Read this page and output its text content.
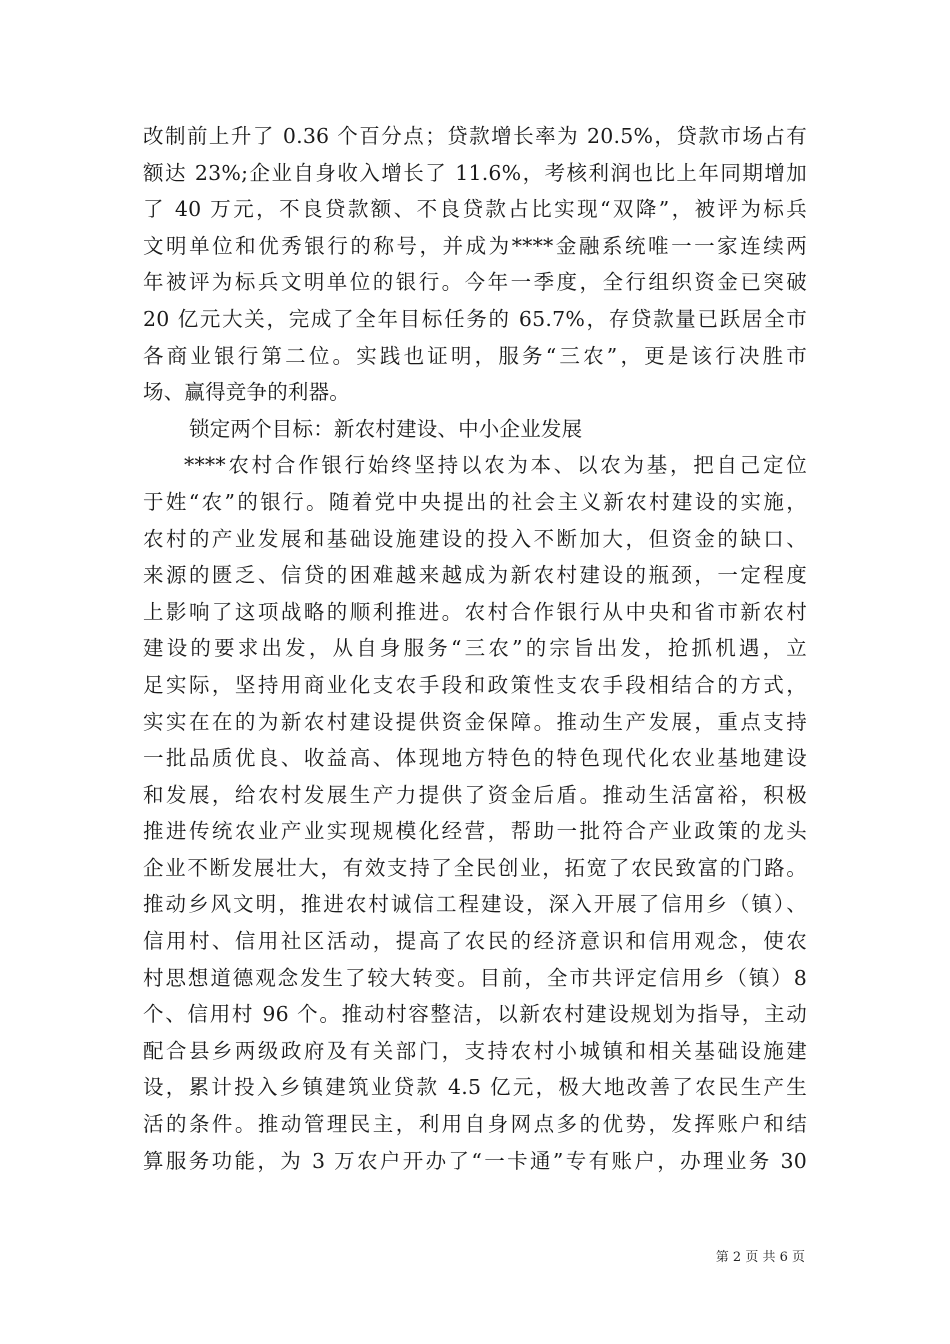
改制前上升了 0.36 个百分点；贷款增长率为 20.5%，贷款市场占有
额达 23%;企业自身收入增长了 11.6%，考核利润也比上年同期增加
了 40 万元，不良贷款额、不良贷款占比实现“双降”，被评为标兵
文明单位和优秀银行的称号，并成为****金融系统唯一一家连续两
年被评为标兵文明单位的银行。今年一季度，全行组织资金已突破
20 亿元大关，完成了全年目标任务的 65.7%，存贷款量已跃居全市
各商业银行第二位。实践也证明，服务“三农”，更是该行决胜市
场、赢得竞争的利器。
锁定两个目标：新农村建设、中小企业发展
****农村合作银行始终坚持以农为本、以农为基，把自己定位
于姓“农”的银行。随着党中央提出的社会主义新农村建设的实施，
农村的产业发展和基础设施建设的投入不断加大，但资金的缺口、
来源的匮乏、信贷的困难越来越成为新农村建设的瓶颈，一定程度
上影响了这项战略的顺利推进。农村合作银行从中央和省市新农村
建设的要求出发，从自身服务“三农”的宗旨出发，抢抓机遇，立
足实际，坚持用商业化支农手段和政策性支农手段相结合的方式，
实实在在的为新农村建设提供资金保障。推动生产发展，重点支持
一批品质优良、收益高、体现地方特色的特色现代化农业基地建设
和发展，给农村发展生产力提供了资金后盾。推动生活富裕，积极
推进传统农业产业实现规模化经营，帮助一批符合产业政策的龙头
企业不断发展壮大，有效支持了全民创业，拓宽了农民致富的门路。
推动乡风文明，推进农村诚信工程建设，深入开展了信用乡（镇）、
信用村、信用社区活动，提高了农民的经济意识和信用观念，使农
村思想道德观念发生了较大转变。目前，全市共评定信用乡（镇）8
个、信用村 96 个。推动村容整洁，以新农村建设规划为指导，主动
配合县乡两级政府及有关部门，支持农村小城镇和相关基础设施建
设，累计投入乡镇建筑业贷款 4.5 亿元，极大地改善了农民生产生
活的条件。推动管理民主，利用自身网点多的优势，发挥账户和结
算服务功能，为 3 万农户开办了“一卡通”专有账户，办理业务 30
第 2 页 共 6 页
